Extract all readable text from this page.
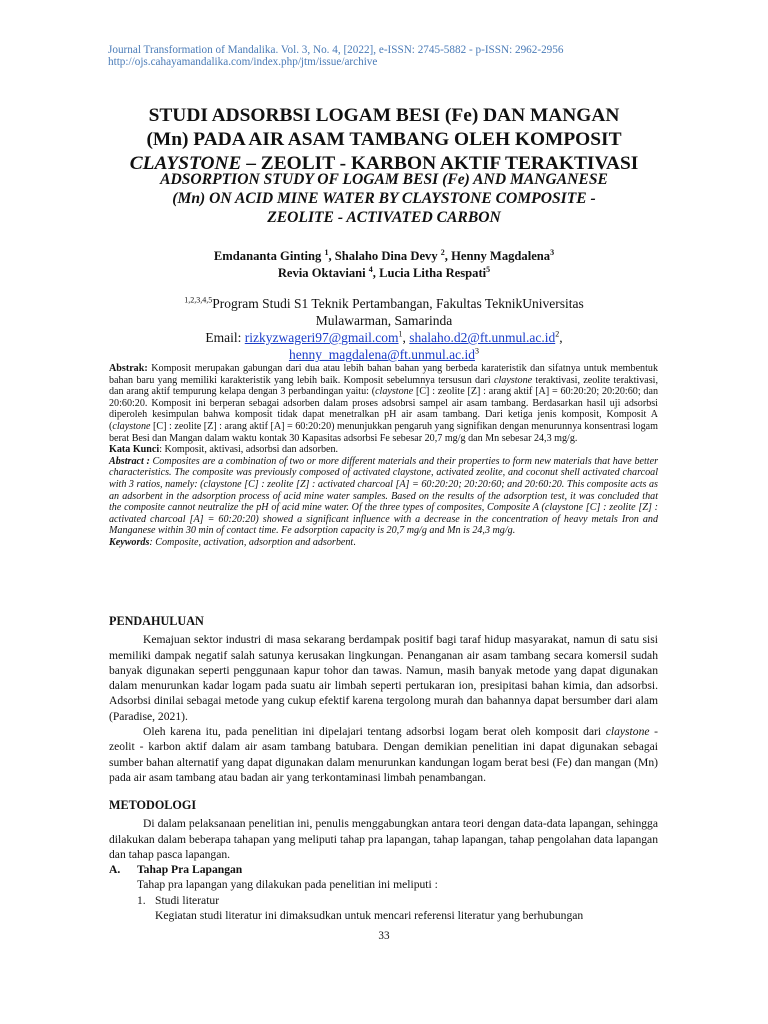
Journal Transformation of Mandalika. Vol. 3, No. 4, [2022], e-ISSN: 2745-5882 - p-ISSN: 2962-2956
http://ojs.cahayamandalika.com/index.php/jtm/issue/archive
STUDI ADSORBSI LOGAM BESI (Fe) DAN MANGAN
(Mn) PADA AIR ASAM TAMBANG OLEH KOMPOSIT
CLAYSTONE – ZEOLIT - KARBON AKTIF TERAKTIVASI
ADSORPTION STUDY OF LOGAM BESI (Fe) AND MANGANESE
(Mn) ON ACID MINE WATER BY CLAYSTONE COMPOSITE -
ZEOLITE - ACTIVATED CARBON
Emdananta Ginting $^1$, Shalaho Dina Devy $^2$, Henny Magdalena$^3$
Revia Oktaviani $^4$, Lucia Litha Respati$^5$
$^{1,2,3,4,5}$Program Studi S1 Teknik Pertambangan, Fakultas TeknikUniversitas
Mulawarman, Samarinda
Email: rizkyzwageri97@gmail.com$^1$, $shalaho.d2@ft.unmul.ac.id^2$,
$henny\_magdalena@ft.unmul.ac.id^3$

Abstrak: Komposit merupakan gabungan dari dua atau lebih bahan bahan yang berbeda karateristik dan sifatnya untuk membentuk bahan baru yang memiliki karakteristik yang lebih baik. Komposit sebelumnya tersusun dari claystone teraktivasi, zeolite teraktivasi, dan arang aktif tempurung kelapa dengan 3 perbandingan yaitu: (claystone [C] : zeolite [Z] : arang aktif [A] = 60:20:20; 20:20:60; dan 20:60:20. Komposit ini berperan sebagai adsorben dalam proses adsobrsi sampel air asam tambang. Berdasarkan hasil uji adsorbsi diperoleh kesimpulan bahwa komposit tidak dapat menetralkan pH air asam tambang. Dari ketiga jenis komposit, Komposit A (claystone [C] : zeolite [Z] : arang aktif [A] = 60:20:20) menunjukkan pengaruh yang signifikan dengan menurunnya konsentrasi logam berat Besi dan Mangan dalam waktu kontak 30 Kapasitas adsorbsi Fe sebesar 20,7 mg/g dan Mn sebesar 24,3 mg/g.

Kata Kunci: Komposit, aktivasi, adsorbsi dan adsorben.

Abstract : Composites are a combination of two or more different materials and their properties to form new materials that have better characteristics. The composite was previously composed of activated claystone, activated zeolite, and coconut shell activated charcoal with 3 ratios, namely: (claystone [C] : zeolite [Z] : activated charcoal [A] = 60:20:20; 20:20:60; and 20:60:20. This composite acts as an adsorbent in the adsorption process of acid mine water samples. Based on the results of the adsorption test, it was concluded that the composite cannot neutralize the pH of acid mine water. Of the three types of composites, Composite A (claystone [C] : zeolite [Z] : activated charcoal [A] = 60:20:20) showed a significant influence with a decrease in the concentration of heavy metals Iron and Manganese within 30 min of contact time. Fe adsorption capacity is 20,7 mg/g and Mn is 24,3 mg/g.

Keywords: Composite, activation, adsorption and adsorbent.

PENDAHULUAN

Kemajuan sektor industri di masa sekarang berdampak positif bagi taraf hidup masyarakat, namun di satu sisi memiliki dampak negatif salah satunya kerusakan lingkungan. Penanganan air asam tambang secara komersil sudah banyak digunakan seperti penggunaan kapur tohor dan tawas. Namun, masih banyak metode yang dapat digunakan dalam menurunkan kadar logam pada suatu air limbah seperti pertukaran ion, presipitasi bahan kimia, dan adsorbsi. Adsorbsi dinilai sebagai metode yang cukup efektif karena tergolong murah dan bahannya dapat bersumber dari alam (Paradise, 2021).

Oleh karena itu, pada penelitian ini dipelajari tentang adsorbsi logam berat oleh komposit dari claystone - zeolit - karbon aktif dalam air asam tambang batubara. Dengan demikian penelitian ini dapat digunakan sebagai sumber bahan alternatif yang dapat digunakan dalam menurunkan kandungan logam berat besi (Fe) dan mangan (Mn) pada air asam tambang atau badan air yang terkontaminasi limbah penambangan.

METODOLOGI

Di dalam pelaksanaan penelitian ini, penulis menggabungkan antara teori dengan data-data lapangan, sehingga dilakukan dalam beberapa tahapan yang meliputi tahap pra lapangan, tahap lapangan, tahap pengolahan data lapangan dan tahap pasca lapangan.

A.	Tahap Pra Lapangan

Tahap pra lapangan yang dilakukan pada penelitian ini meliputi :

1. Studi literatur

Kegiatan studi literatur ini dimaksudkan untuk mencari referensi literatur yang berhubungan

33
